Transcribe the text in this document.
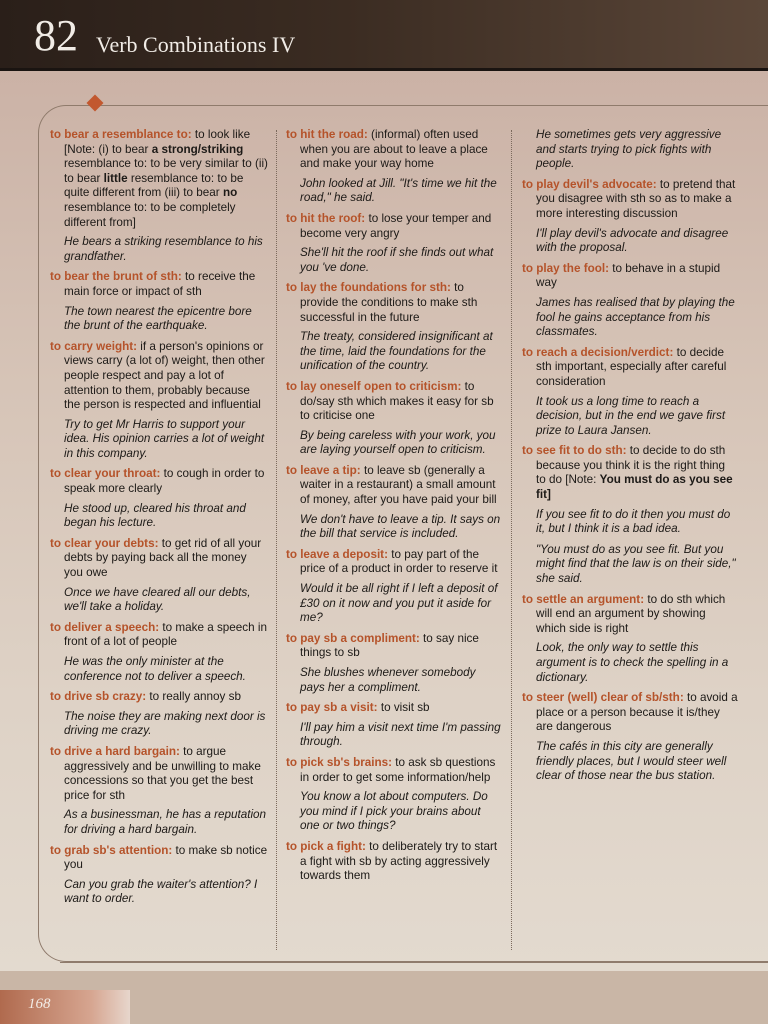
82 Verb Combinations IV
to bear a resemblance to: to look like [Note: (i) to bear a strong/striking resemblance to: to be very similar to (ii) to bear little resemblance to: to be quite different from (iii) to bear no resemblance to: to be completely different from]
He bears a striking resemblance to his grandfather.
to bear the brunt of sth: to receive the main force or impact of sth
The town nearest the epicentre bore the brunt of the earthquake.
to carry weight: if a person's opinions or views carry (a lot of) weight, then other people respect and pay a lot of attention to them, probably because the person is respected and influential
Try to get Mr Harris to support your idea. His opinion carries a lot of weight in this company.
to clear your throat: to cough in order to speak more clearly
He stood up, cleared his throat and began his lecture.
to clear your debts: to get rid of all your debts by paying back all the money you owe
Once we have cleared all our debts, we'll take a holiday.
to deliver a speech: to make a speech in front of a lot of people
He was the only minister at the conference not to deliver a speech.
to drive sb crazy: to really annoy sb
The noise they are making next door is driving me crazy.
to drive a hard bargain: to argue aggressively and be unwilling to make concessions so that you get the best price for sth
As a businessman, he has a reputation for driving a hard bargain.
to grab sb's attention: to make sb notice you
Can you grab the waiter's attention? I want to order.
to hit the road: (informal) often used when you are about to leave a place and make your way home
John looked at Jill. "It's time we hit the road," he said.
to hit the roof: to lose your temper and become very angry
She'll hit the roof if she finds out what you 've done.
to lay the foundations for sth: to provide the conditions to make sth successful in the future
The treaty, considered insignificant at the time, laid the foundations for the unification of the country.
to lay oneself open to criticism: to do/say sth which makes it easy for sb to criticise one
By being careless with your work, you are laying yourself open to criticism.
to leave a tip: to leave sb (generally a waiter in a restaurant) a small amount of money, after you have paid your bill
We don't have to leave a tip. It says on the bill that service is included.
to leave a deposit: to pay part of the price of a product in order to reserve it
Would it be all right if I left a deposit of £30 on it now and you put it aside for me?
to pay sb a compliment: to say nice things to sb
She blushes whenever somebody pays her a compliment.
to pay sb a visit: to visit sb
I'll pay him a visit next time I'm passing through.
to pick sb's brains: to ask sb questions in order to get some information/help
You know a lot about computers. Do you mind if I pick your brains about one or two things?
to pick a fight: to deliberately try to start a fight with sb by acting aggressively towards them
He sometimes gets very aggressive and starts trying to pick fights with people.
to play devil's advocate: to pretend that you disagree with sth so as to make a more interesting discussion
I'll play devil's advocate and disagree with the proposal.
to play the fool: to behave in a stupid way
James has realised that by playing the fool he gains acceptance from his classmates.
to reach a decision/verdict: to decide sth important, especially after careful consideration
It took us a long time to reach a decision, but in the end we gave first prize to Laura Jansen.
to see fit to do sth: to decide to do sth because you think it is the right thing to do [Note: You must do as you see fit]
If you see fit to do it then you must do it, but I think it is a bad idea.
"You must do as you see fit. But you might find that the law is on their side," she said.
to settle an argument: to do sth which will end an argument by showing which side is right
Look, the only way to settle this argument is to check the spelling in a dictionary.
to steer (well) clear of sb/sth: to avoid a place or a person because it is/they are dangerous
The cafés in this city are generally friendly places, but I would steer well clear of those near the bus station.
168
